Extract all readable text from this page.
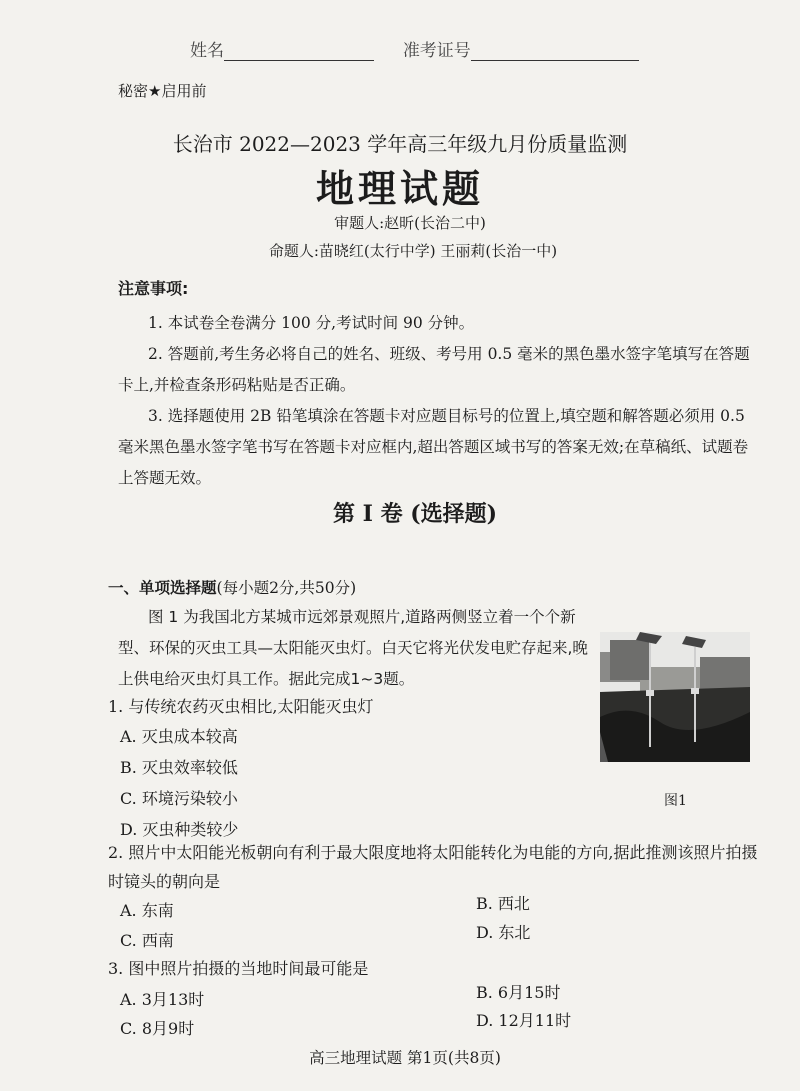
姓名	准考证号
秘密★启用前
长治市 2022—2023 学年高三年级九月份质量监测
地理试题
审题人:赵昕(长治二中)
命题人:苗晓红(太行中学) 王丽莉(长治一中)
注意事项:
1. 本试卷全卷满分 100 分,考试时间 90 分钟。
2. 答题前,考生务必将自己的姓名、班级、考号用 0.5 毫米的黑色墨水签字笔填写在答题卡上,并检查条形码粘贴是否正确。
3. 选择题使用 2B 铅笔填涂在答题卡对应题目标号的位置上,填空题和解答题必须用 0.5 毫米黑色墨水签字笔书写在答题卡对应框内,超出答题区域书写的答案无效;在草稿纸、试题卷上答题无效。
第 I 卷 (选择题)
一、单项选择题(每小题2分,共50分)
图 1 为我国北方某城市远郊景观照片,道路两侧竖立着一个个新型、环保的灭虫工具—太阳能灭虫灯。白天它将光伏发电贮存起来,晚上供电给灭虫灯具工作。据此完成1~3题。
图1
1. 与传统农药灭虫相比,太阳能灭虫灯
A. 灭虫成本较高
B. 灭虫效率较低
C. 环境污染较小
D. 灭虫种类较少
2. 照片中太阳能光板朝向有利于最大限度地将太阳能转化为电能的方向,据此推测该照片拍摄时镜头的朝向是
A. 东南	B. 西北
C. 西南	D. 东北
3. 图中照片拍摄的当地时间最可能是
A. 3月13时	B. 6月15时
C. 8月9时	D. 12月11时
高三地理试题 第1页(共8页)
